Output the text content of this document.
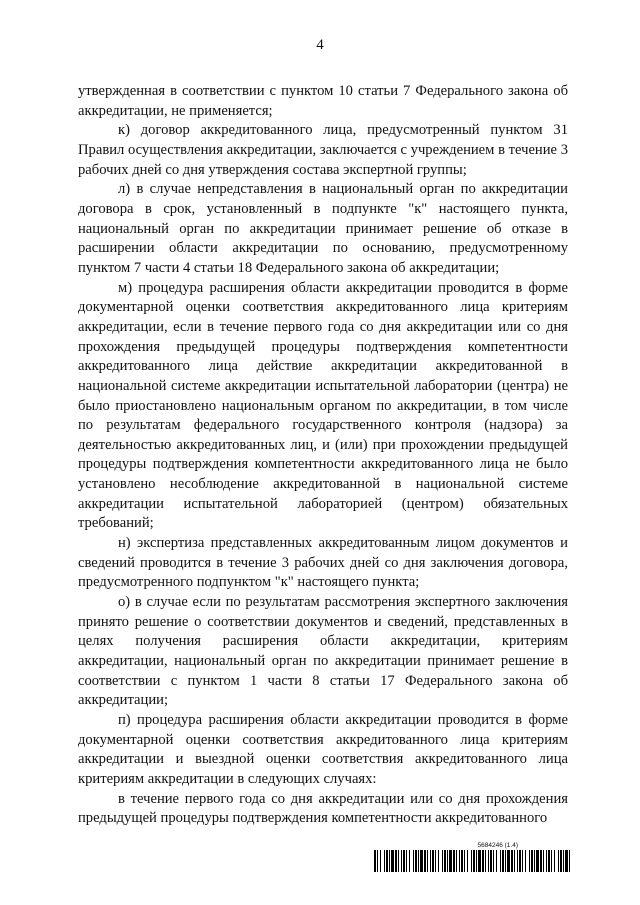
4

утвержденная в соответствии с пунктом 10 статьи 7 Федерального закона об аккредитации, не применяется;

к) договор аккредитованного лица, предусмотренный пунктом 31 Правил осуществления аккредитации, заключается с учреждением в течение 3 рабочих дней со дня утверждения состава экспертной группы;

л) в случае непредставления в национальный орган по аккредитации договора в срок, установленный в подпункте "к" настоящего пункта, национальный орган по аккредитации принимает решение об отказе в расширении области аккредитации по основанию, предусмотренному пунктом 7 части 4 статьи 18 Федерального закона об аккредитации;

м) процедура расширения области аккредитации проводится в форме документарной оценки соответствия аккредитованного лица критериям аккредитации, если в течение первого года со дня аккредитации или со дня прохождения предыдущей процедуры подтверждения компетентности аккредитованного лица действие аккредитации аккредитованной в национальной системе аккредитации испытательной лаборатории (центра) не было приостановлено национальным органом по аккредитации, в том числе по результатам федерального государственного контроля (надзора) за деятельностью аккредитованных лиц, и (или) при прохождении предыдущей процедуры подтверждения компетентности аккредитованного лица не было установлено несоблюдение аккредитованной в национальной системе аккредитации испытательной лабораторией (центром) обязательных требований;

н) экспертиза представленных аккредитованным лицом документов и сведений проводится в течение 3 рабочих дней со дня заключения договора, предусмотренного подпунктом "к" настоящего пункта;

о) в случае если по результатам рассмотрения экспертного заключения принято решение о соответствии документов и сведений, представленных в целях получения расширения области аккредитации, критериям аккредитации, национальный орган по аккредитации принимает решение в соответствии с пунктом 1 части 8 статьи 17 Федерального закона об аккредитации;

п) процедура расширения области аккредитации проводится в форме документарной оценки соответствия аккредитованного лица критериям аккредитации и выездной оценки соответствия аккредитованного лица критериям аккредитации в следующих случаях:

в течение первого года со дня аккредитации или со дня прохождения предыдущей процедуры подтверждения компетентности аккредитованного

5684246 (1.4)
